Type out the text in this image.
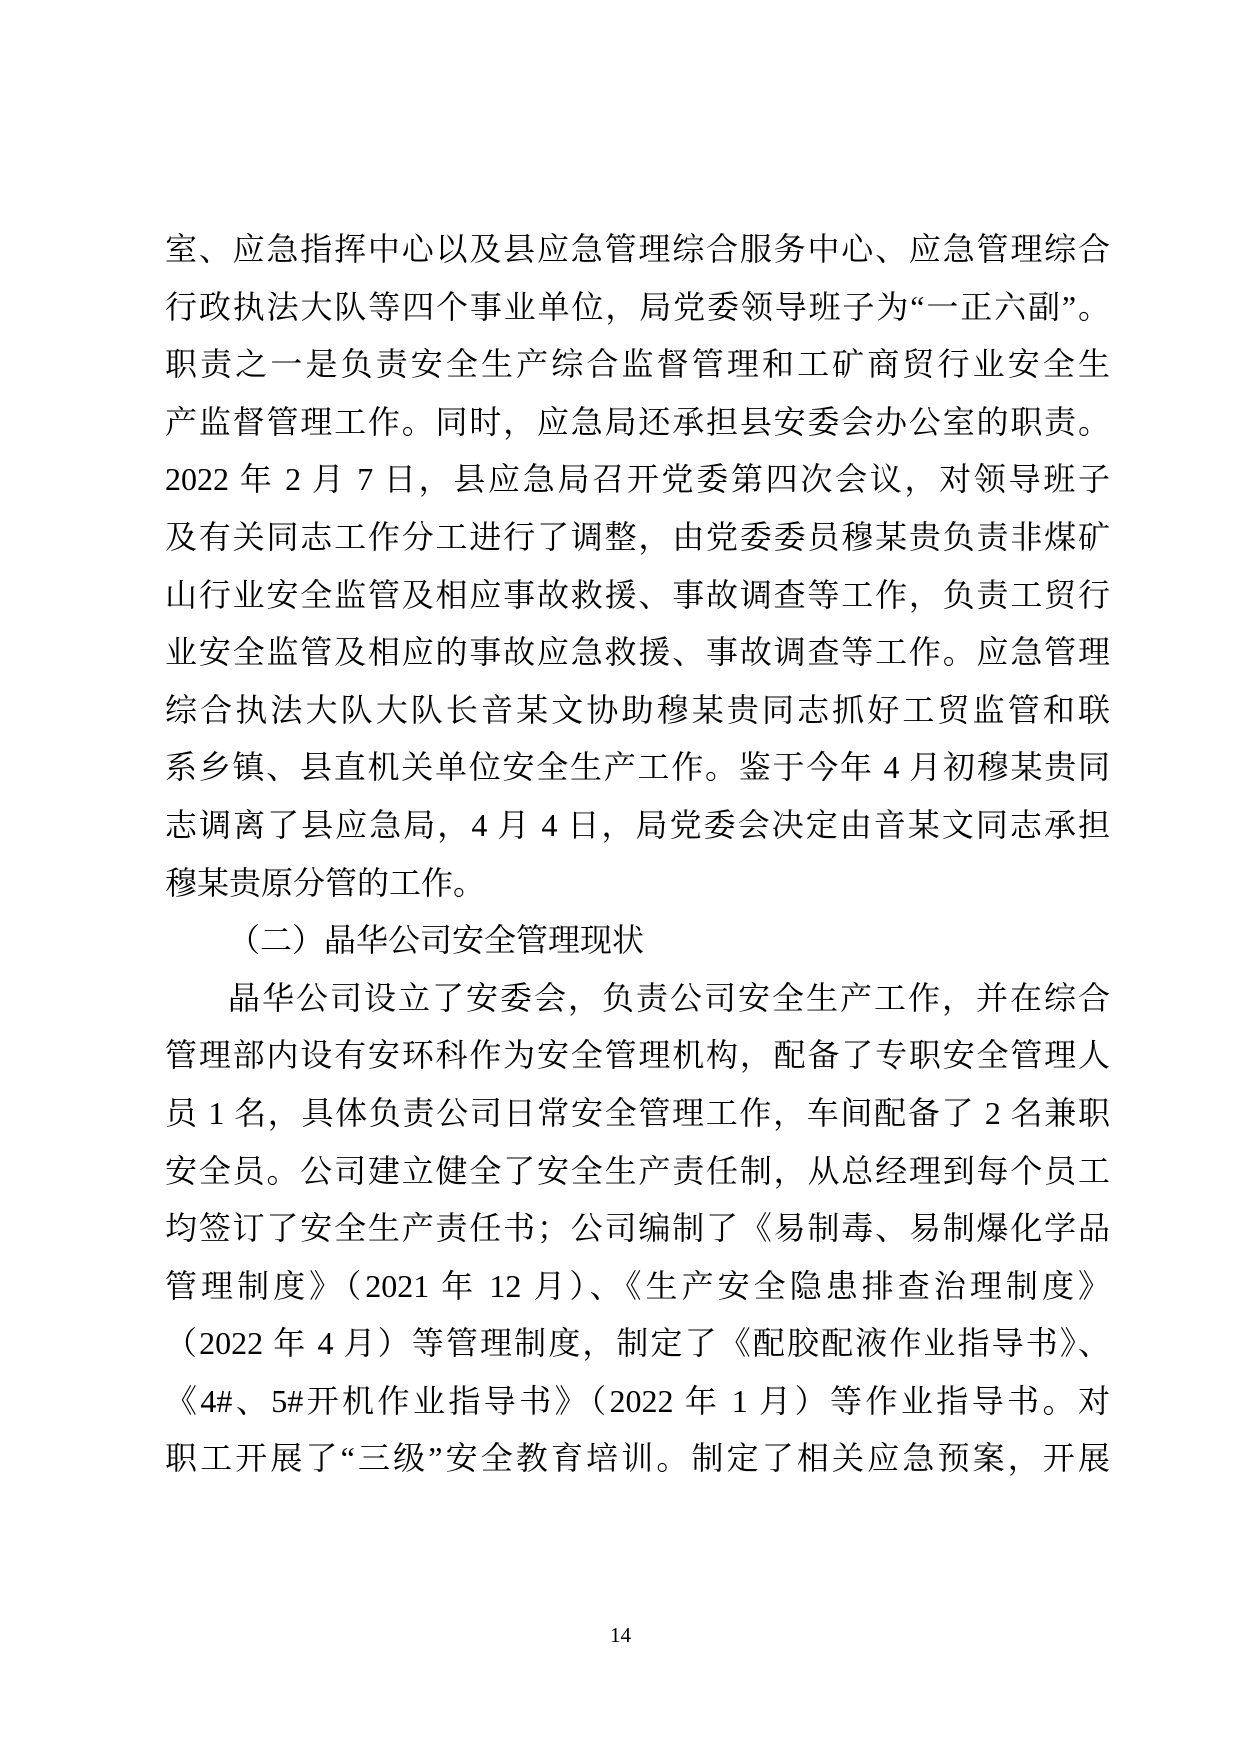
室、应急指挥中心以及县应急管理综合服务中心、应急管理综合
行政执法大队等四个事业单位，局党委领导班子为“一正六副”。
职责之一是负责安全生产综合监督管理和工矿商贸行业安全生
产监督管理工作。同时，应急局还承担县安委会办公室的职责。
2022 年 2 月 7 日，县应急局召开党委第四次会议，对领导班子
及有关同志工作分工进行了调整，由党委委员穆某贵负责非煤矿
山行业安全监管及相应事故救援、事故调查等工作，负责工贸行
业安全监管及相应的事故应急救援、事故调查等工作。应急管理
综合执法大队大队长音某文协助穆某贵同志抓好工贸监管和联
系乡镇、县直机关单位安全生产工作。鉴于今年 4 月初穆某贵同
志调离了县应急局，4 月 4 日，局党委会决定由音某文同志承担
穆某贵原分管的工作。
（二）晶华公司安全管理现状
晶华公司设立了安委会，负责公司安全生产工作，并在综合
管理部内设有安环科作为安全管理机构，配备了专职安全管理人
员 1 名，具体负责公司日常安全管理工作，车间配备了 2 名兼职
安全员。公司建立健全了安全生产责任制，从总经理到每个员工
均签订了安全生产责任书；公司编制了《易制毒、易制爆化学品
管理制度》（2021 年 12 月）、《生产安全隐患排查治理制度》
（2022 年 4 月）等管理制度，制定了《配胶配液作业指导书》、
《4#、5#开机作业指导书》（2022 年 1 月）等作业指导书。对
职工开展了“三级”安全教育培训。制定了相关应急预案，开展
14
